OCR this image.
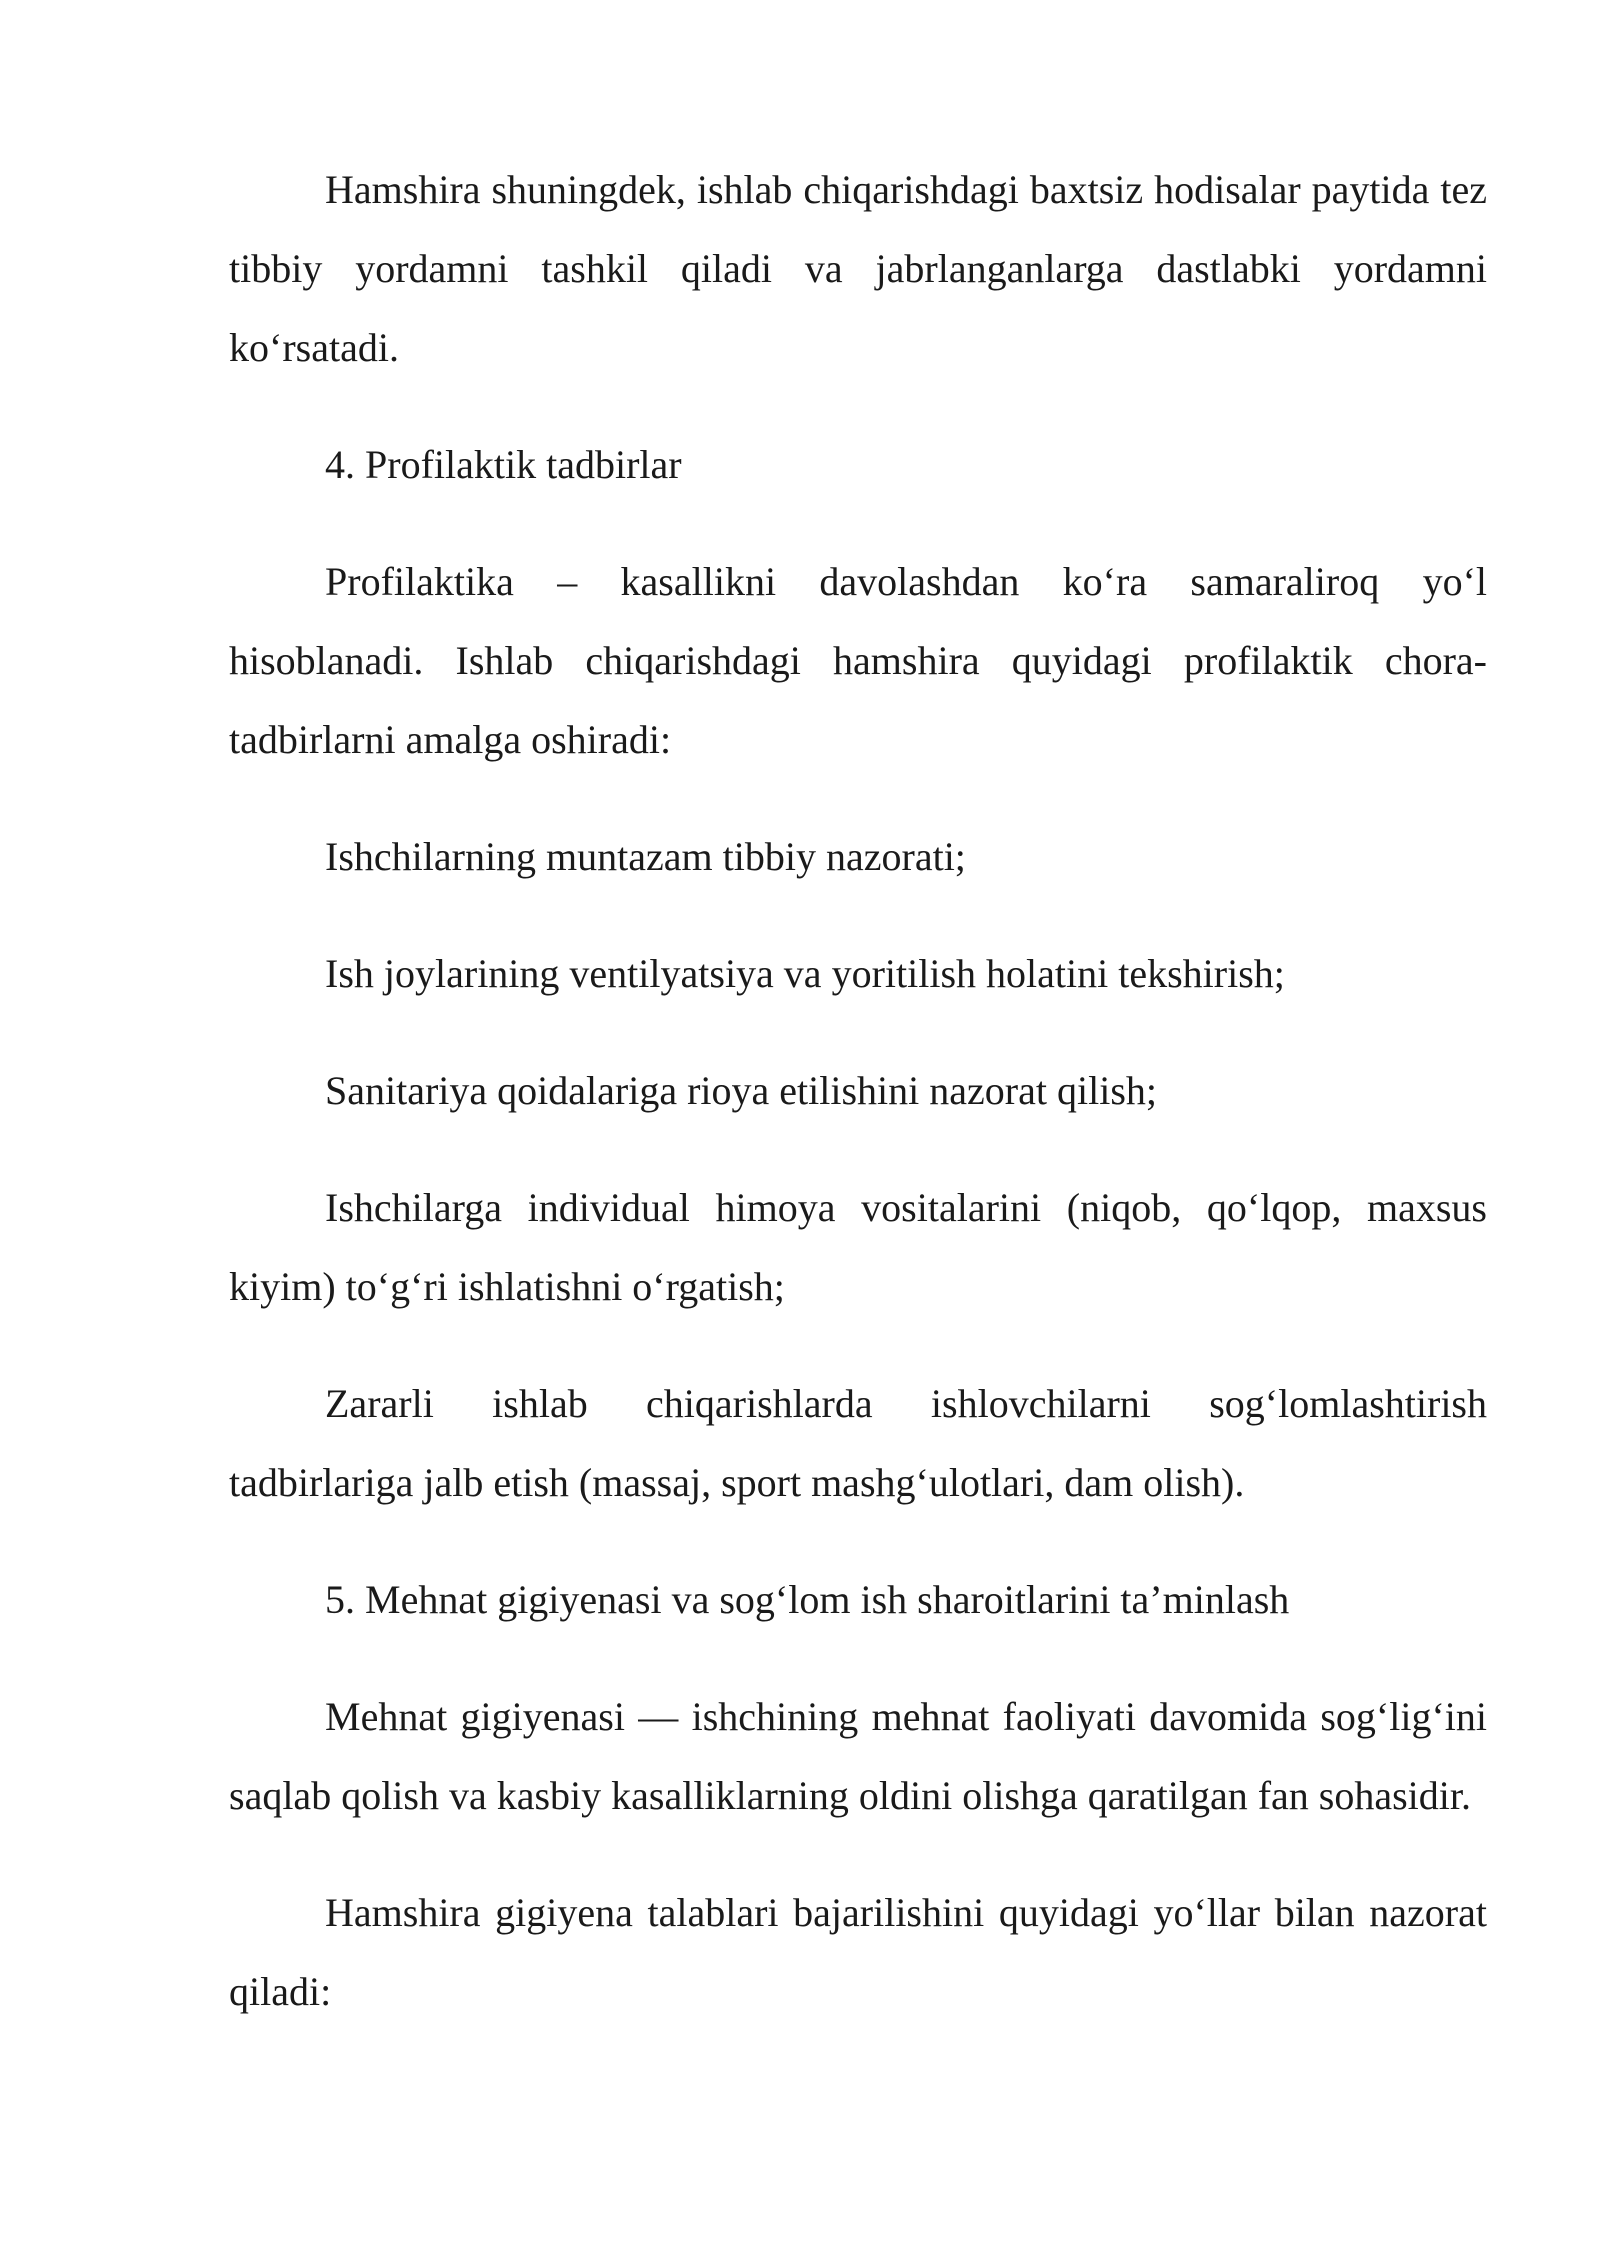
Hamshira shuningdek, ishlab chiqarishdagi baxtsiz hodisalar paytida tez tibbiy yordamni tashkil qiladi va jabrlanganlarga dastlabki yordamni ko‘rsatadi.

4. Profilaktik tadbirlar

Profilaktika – kasallikni davolashdan ko‘ra samaraliroq yo‘l hisoblanadi. Ishlab chiqarishdagi hamshira quyidagi profilaktik chora-tadbirlarni amalga oshiradi:

Ishchilarning muntazam tibbiy nazorati;

Ish joylarining ventilyatsiya va yoritilish holatini tekshirish;

Sanitariya qoidalariga rioya etilishini nazorat qilish;

Ishchilarga individual himoya vositalarini (niqob, qo‘lqop, maxsus kiyim) to‘g‘ri ishlatishni o‘rgatish;

Zararli ishlab chiqarishlarda ishlovchilarni sog‘lomlashtirish tadbirlariga jalb etish (massaj, sport mashg‘ulotlari, dam olish).

5. Mehnat gigiyenasi va sog‘lom ish sharoitlarini ta’minlash

Mehnat gigiyenasi — ishchining mehnat faoliyati davomida sog‘lig‘ini saqlab qolish va kasbiy kasalliklarning oldini olishga qaratilgan fan sohasidir.

Hamshira gigiyena talablari bajarilishini quyidagi yo‘llar bilan nazorat qiladi:
